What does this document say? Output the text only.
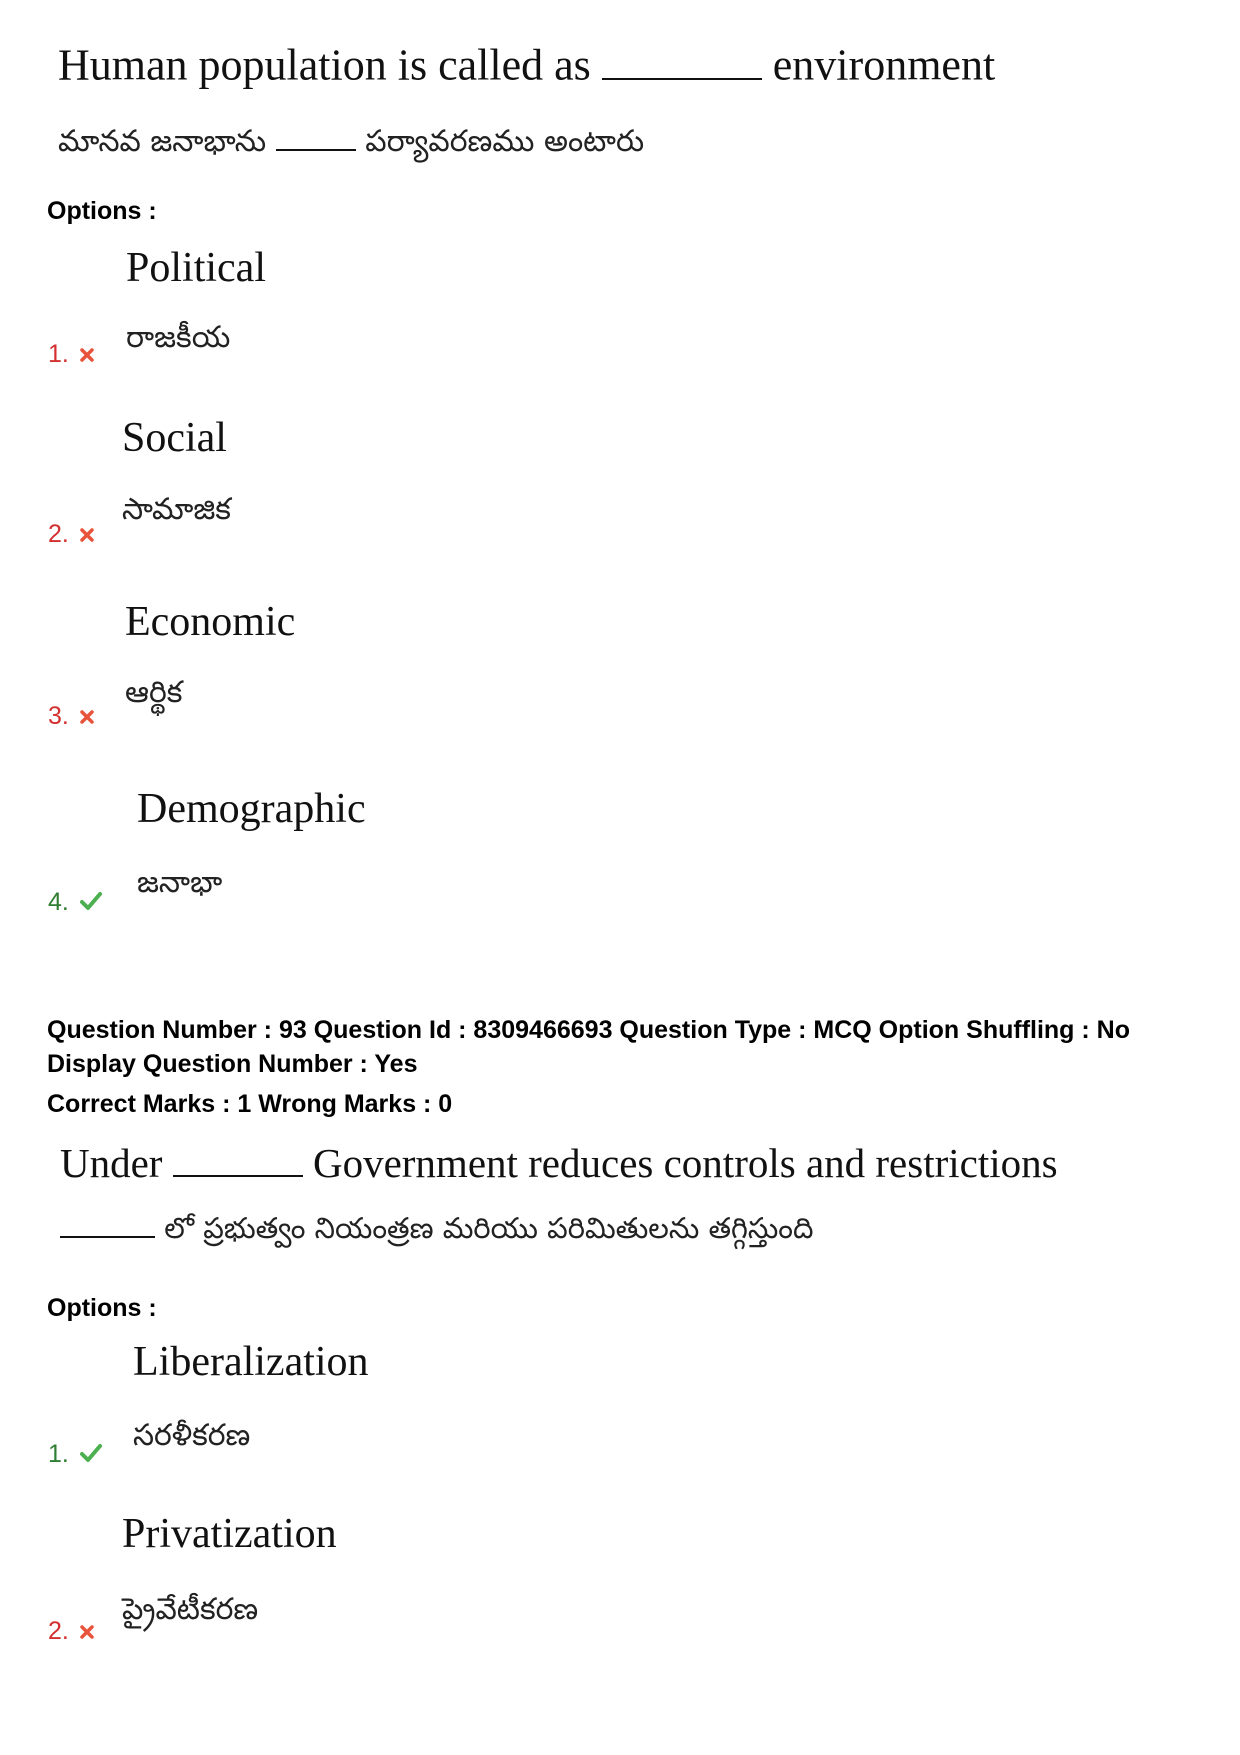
Human population is called as	environment
మానవ జనాభాను	పర్యావరణము అంటారు
Options :
Political
రాజకీయ
1.
Social
సామాజిక
2.
Economic
ఆర్థిక
3.
Demographic
జనాభా
4.
Question Number : 93 Question Id : 8309466693 Question Type : MCQ Option Shuffling : No
Display Question Number : Yes
Correct Marks : 1 Wrong Marks : 0
Under	Government reduces controls and restrictions
లో ప్రభుత్వం నియంత్రణ మరియు పరిమితులను తగ్గిస్తుంది
Options :
Liberalization
సరళీకరణ
1.
Privatization
ప్రైవేటీకరణ
2.
